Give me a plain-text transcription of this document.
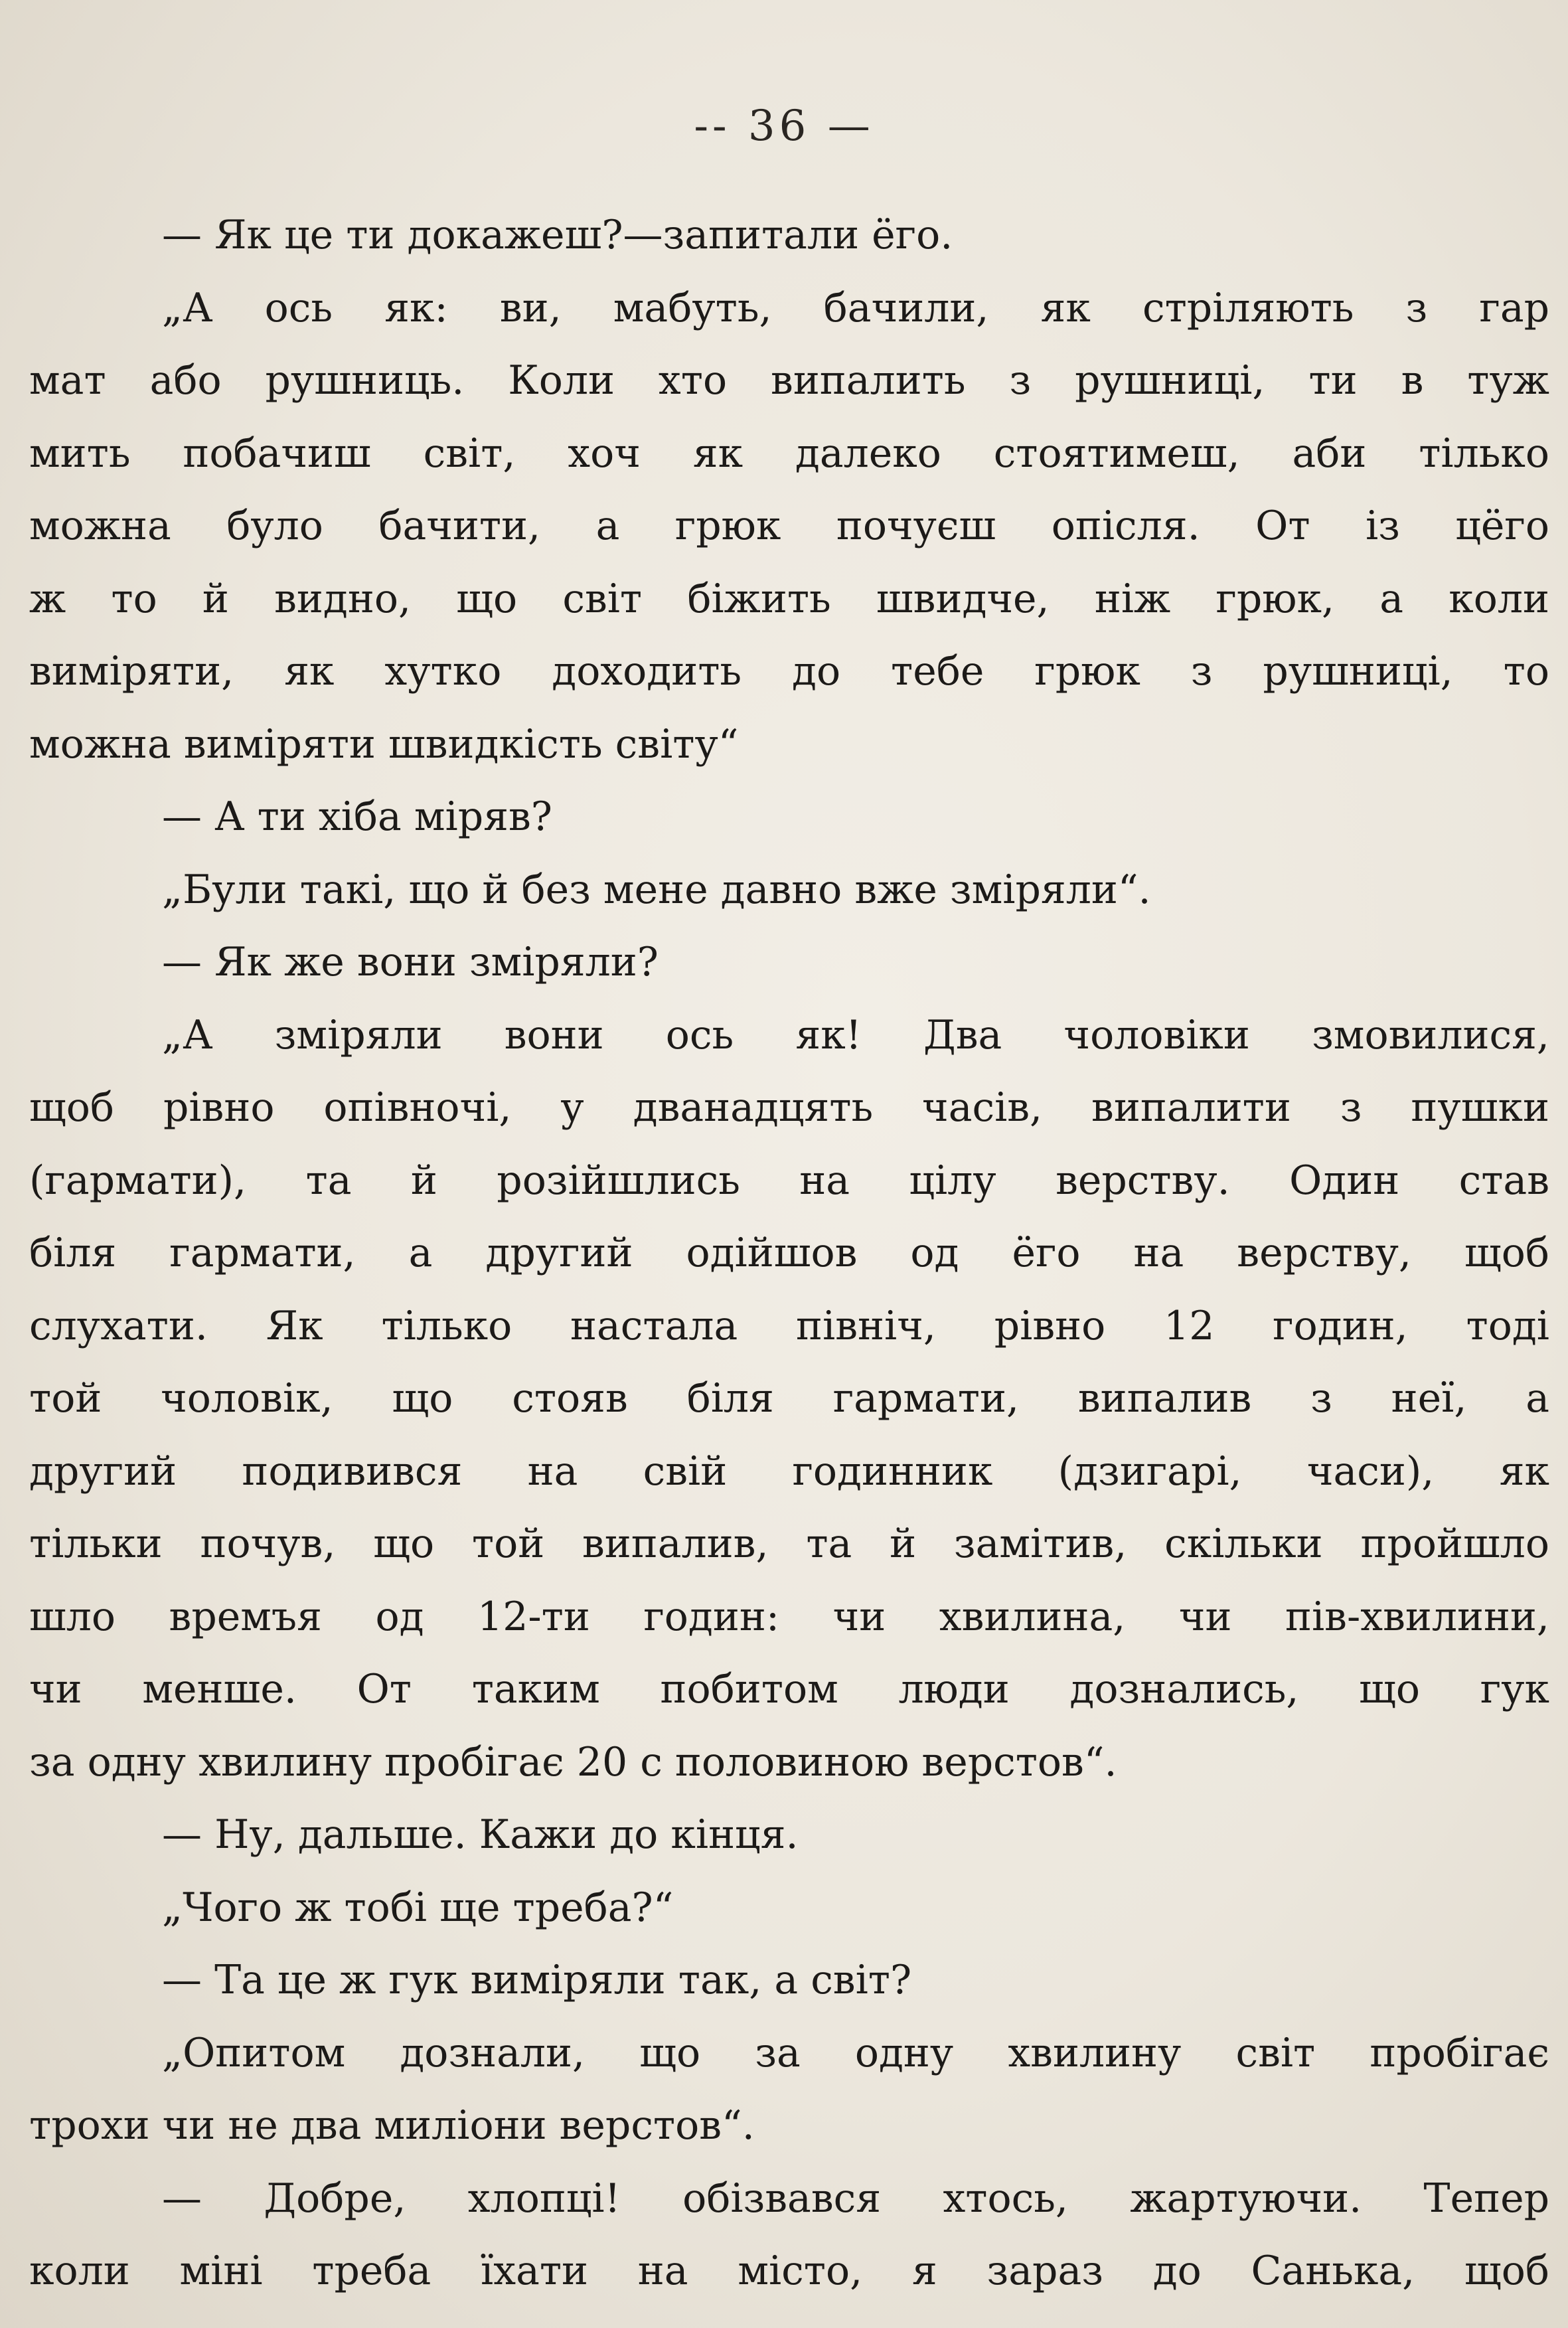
-- 36 —
— Як це ти докажеш?—запитали ёго.
„А ось як: ви, мабуть, бачили, як стріляють з гар
мат або рушниць. Коли хто випалить з рушниці, ти в туж
мить побачиш світ, хоч як далеко стоятимеш, аби тілько
можна було бачити, а грюк почуєш опісля. От із цёго
ж то й видно, що світ біжить швидче, ніж грюк, а коли
виміряти, як хутко доходить до тебе грюк з рушниці, то
можна виміряти швидкість світу“
— А ти хіба міряв?
„Були такі, що й без мене давно вже зміряли“.
— Як же вони зміряли?
„А зміряли вони ось як! Два чоловіки змовилися,
щоб рівно опівночі, у дванадцять часів, випалити з пушки
(гармати), та й розійшлись на цілу верству. Один став
біля гармати, а другий одійшов од ёго на верству, щоб
слухати. Як тілько настала північ, рівно 12 годин, тоді
той чоловік, що стояв біля гармати, випалив з неї, а
другий подивився на свій годинник (дзигарі, часи), як
тільки почув, що той випалив, та й замітив, скільки пройшло
шло времъя од 12-ти годин: чи хвилина, чи пів-хвилини,
чи менше. От таким побитом люди дознались, що гук
за одну хвилину пробігає 20 с половиною верстов“.
— Ну, дальше. Кажи до кінця.
„Чого ж тобі ще треба?“
— Та це ж гук виміряли так, а світ?
„Опитом дознали, що за одну хвилину світ пробігає
трохи чи не два миліони верстов“.
— Добре, хлопці! обізвався хтось, жартуючи. Тепер
коли міні треба їхати на місто, я зараз до Санька, щоб
